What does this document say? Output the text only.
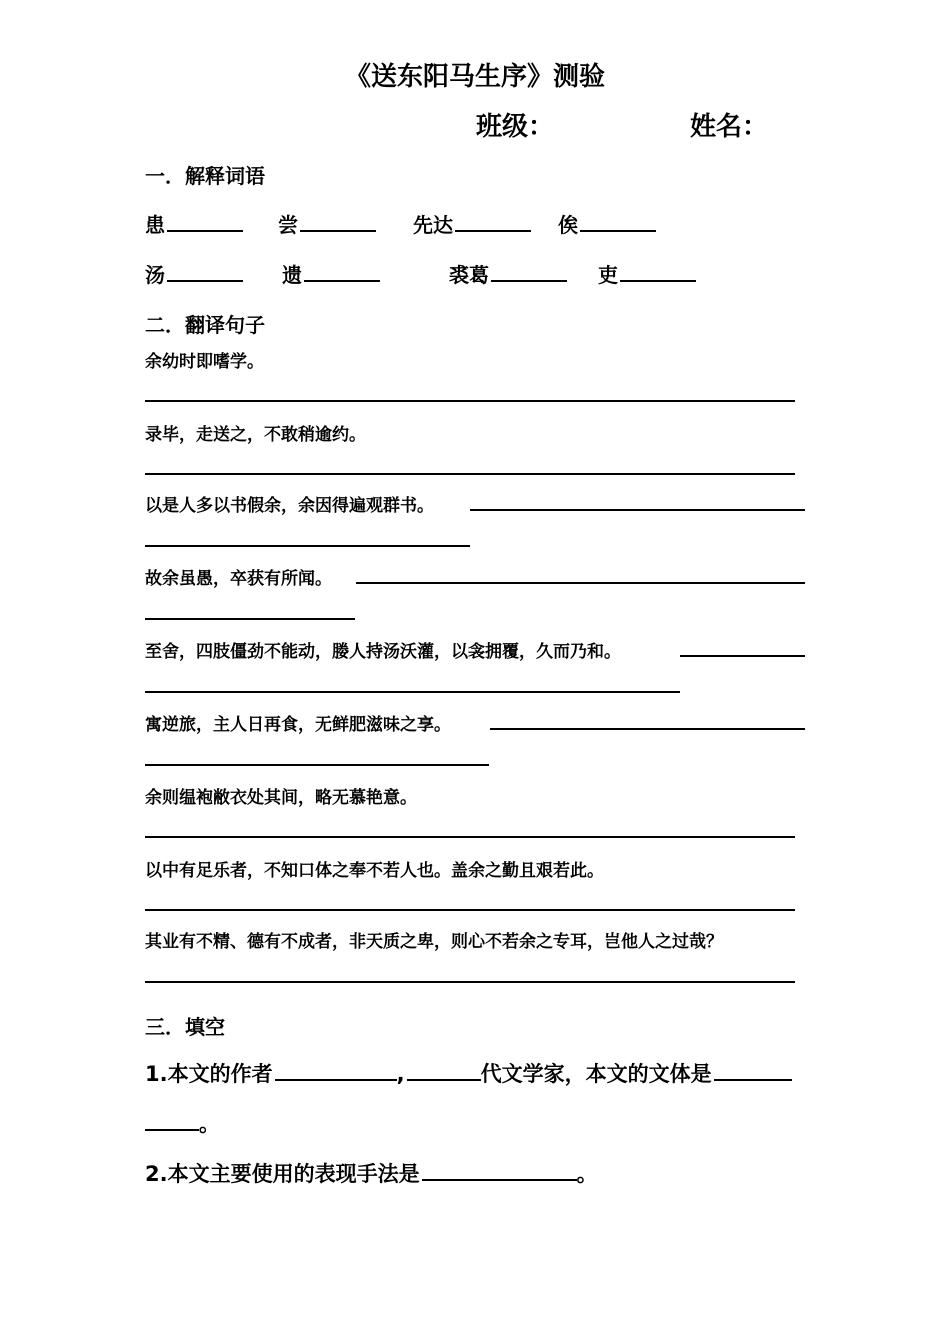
《送东阳马生序》测验
班级：	姓名：
一．解释词语
患	尝	先达	俟
汤	遗	裘葛	吏
二．翻译句子
余幼时即嗜学。
录毕，走送之，不敢稍逾约。
以是人多以书假余，余因得遍观群书。
故余虽愚，卒获有所闻。
至舍，四肢僵劲不能动，媵人持汤沃灌，以衾拥覆，久而乃和。
寓逆旅，主人日再食，无鲜肥滋味之享。
余则缊袍敝衣处其间，略无慕艳意。
以中有足乐者，不知口体之奉不若人也。盖余之勤且艰若此。
其业有不精、德有不成者，非天质之卑，则心不若余之专耳，岂他人之过哉？
三．填空
1.本文的作者	,	代文学家，本文的文体是
。
2.本文主要使用的表现手法是	。
